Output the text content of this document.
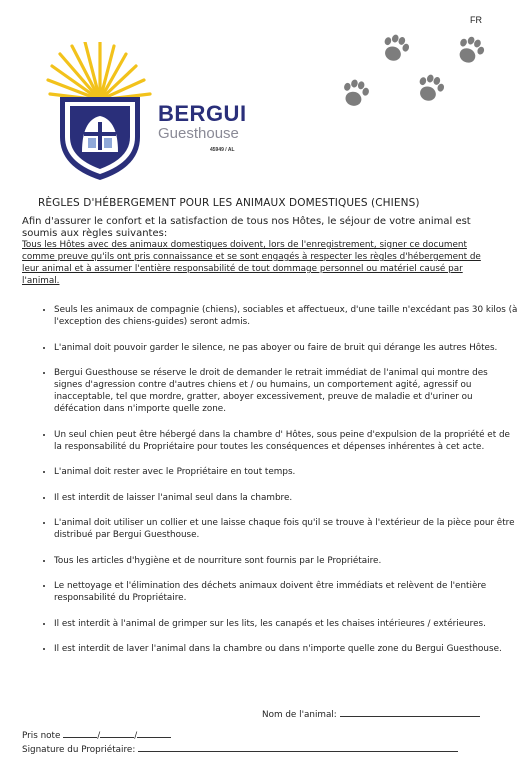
FR
BERGUI
Guesthouse
45949 / AL
RÈGLES D'HÉBERGEMENT POUR LES ANIMAUX DOMESTIQUES (CHIENS)

Afin d'assurer le confort et la satisfaction de tous nos Hôtes, le séjour de votre animal est soumis aux règles suivantes:

Tous les Hôtes avec des animaux domestiques doivent, lors de l'enregistrement, signer ce document comme preuve qu'ils ont pris connaissance et se sont engagés à respecter les règles d'hébergement de leur animal et à assumer l'entière responsabilité de tout dommage personnel ou matériel causé par l'animal.

• Seuls les animaux de compagnie (chiens), sociables et affectueux, d'une taille n'excédant pas 30 kilos (à l'exception des chiens-guides) seront admis.
• L'animal doit pouvoir garder le silence, ne pas aboyer ou faire de bruit qui dérange les autres Hôtes.
• Bergui Guesthouse se réserve le droit de demander le retrait immédiat de l'animal qui montre des signes d'agression contre d'autres chiens et / ou humains, un comportement agité, agressif ou inacceptable, tel que mordre, gratter, aboyer excessivement, preuve de maladie et d'uriner ou défécation dans n'importe quelle zone.
• Un seul chien peut être hébergé dans la chambre d' Hôtes, sous peine d'expulsion de la propriété et de la responsabilité du Propriétaire pour toutes les conséquences et dépenses inhérentes à cet acte.
• L'animal doit rester avec le Propriétaire en tout temps.
• Il est interdit de laisser l'animal seul dans la chambre.
• L'animal doit utiliser un collier et une laisse chaque fois qu'il se trouve à l'extérieur de la pièce pour être distribué par Bergui Guesthouse.
• Tous les articles d'hygiène et de nourriture sont fournis par le Propriétaire.
• Le nettoyage et l'élimination des déchets animaux doivent être immédiats et relèvent de l'entière responsabilité du Propriétaire.
• Il est interdit à l'animal de grimper sur les lits, les canapés et les chaises intérieures / extérieures.
• Il est interdit de laver l'animal dans la chambre ou dans n'importe quelle zone du Bergui Guesthouse.
Nom de l'animal:
Pris note	/	/
Signature du Propriétaire:
